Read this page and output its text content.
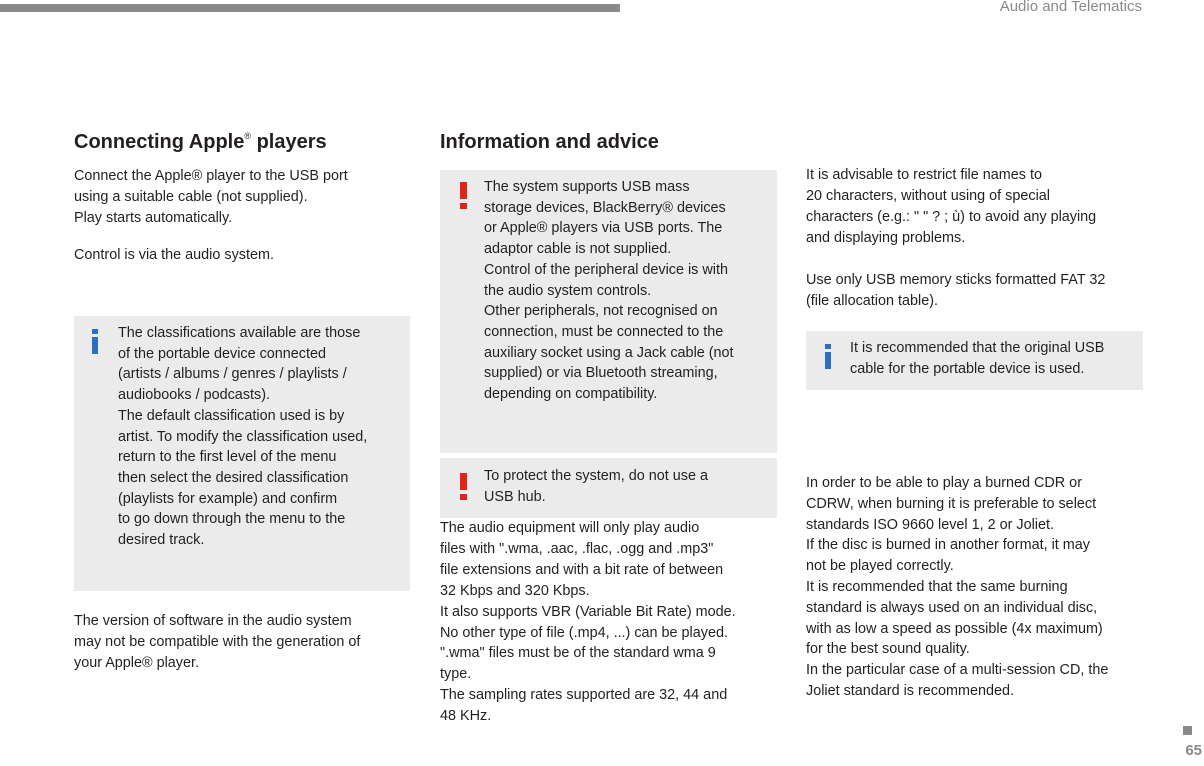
Audio and Telematics
Connecting Apple® players

Connect the Apple® player to the USB port
using a suitable cable (not supplied).
Play starts automatically.

Control is via the audio system.

The classifications available are those
of the portable device connected
(artists / albums / genres / playlists /
audiobooks / podcasts).
The default classification used is by
artist. To modify the classification used,
return to the first level of the menu
then select the desired classification
(playlists for example) and confirm
to go down through the menu to the
desired track.

The version of software in the audio system
may not be compatible with the generation of
your Apple® player.

Information and advice

The system supports USB mass
storage devices, BlackBerry® devices
or Apple® players via USB ports. The
adaptor cable is not supplied.
Control of the peripheral device is with
the audio system controls.
Other peripherals, not recognised on
connection, must be connected to the
auxiliary socket using a Jack cable (not
supplied) or via Bluetooth streaming,
depending on compatibility.

To protect the system, do not use a
USB hub.

The audio equipment will only play audio
files with ".wma, .aac, .flac, .ogg and .mp3"
file extensions and with a bit rate of between
32 Kbps and 320 Kbps.
It also supports VBR (Variable Bit Rate) mode.
No other type of file (.mp4, ...) can be played.
".wma" files must be of the standard wma 9
type.
The sampling rates supported are 32, 44 and
48 KHz.

It is advisable to restrict file names to
20 characters, without using of special
characters (e.g.: " " ? ; ù) to avoid any playing
and displaying problems.

Use only USB memory sticks formatted FAT 32
(file allocation table).

It is recommended that the original USB
cable for the portable device is used.

In order to be able to play a burned CDR or
CDRW, when burning it is preferable to select
standards ISO 9660 level 1, 2 or Joliet.
If the disc is burned in another format, it may
not be played correctly.
It is recommended that the same burning
standard is always used on an individual disc,
with as low a speed as possible (4x maximum)
for the best sound quality.
In the particular case of a multi-session CD, the
Joliet standard is recommended.

65
